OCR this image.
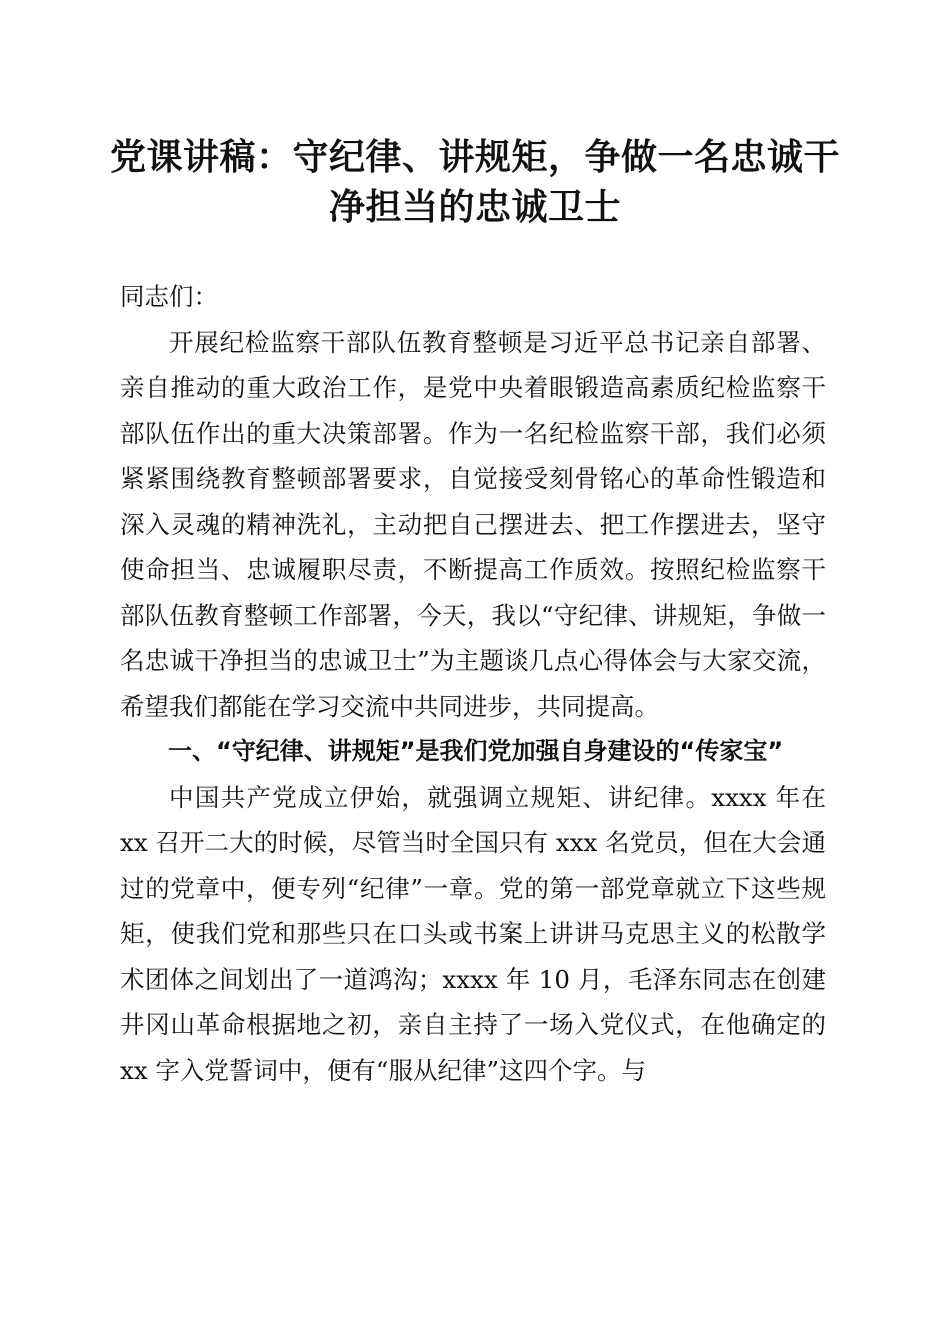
党课讲稿：守纪律、讲规矩，争做一名忠诚干净担当的忠诚卫士

同志们：

开展纪检监察干部队伍教育整顿是习近平总书记亲自部署、亲自推动的重大政治工作，是党中央着眼锻造高素质纪检监察干部队伍作出的重大决策部署。作为一名纪检监察干部，我们必须紧紧围绕教育整顿部署要求，自觉接受刻骨铭心的革命性锻造和深入灵魂的精神洗礼，主动把自己摆进去、把工作摆进去，坚守使命担当、忠诚履职尽责，不断提高工作质效。按照纪检监察干部队伍教育整顿工作部署，今天，我以“守纪律、讲规矩，争做一名忠诚干净担当的忠诚卫士”为主题谈几点心得体会与大家交流，希望我们都能在学习交流中共同进步，共同提高。

一、“守纪律、讲规矩”是我们党加强自身建设的“传家宝”

中国共产党成立伊始，就强调立规矩、讲纪律。xxxx 年在 xx 召开二大的时候，尽管当时全国只有 xxx 名党员，但在大会通过的党章中，便专列“纪律”一章。党的第一部党章就立下这些规矩，使我们党和那些只在口头或书案上讲讲马克思主义的松散学术团体之间划出了一道鸿沟；xxxx 年 10 月，毛泽东同志在创建井冈山革命根据地之初，亲自主持了一场入党仪式，在他确定的 xx 字入党誓词中，便有“服从纪律”这四个字。与
